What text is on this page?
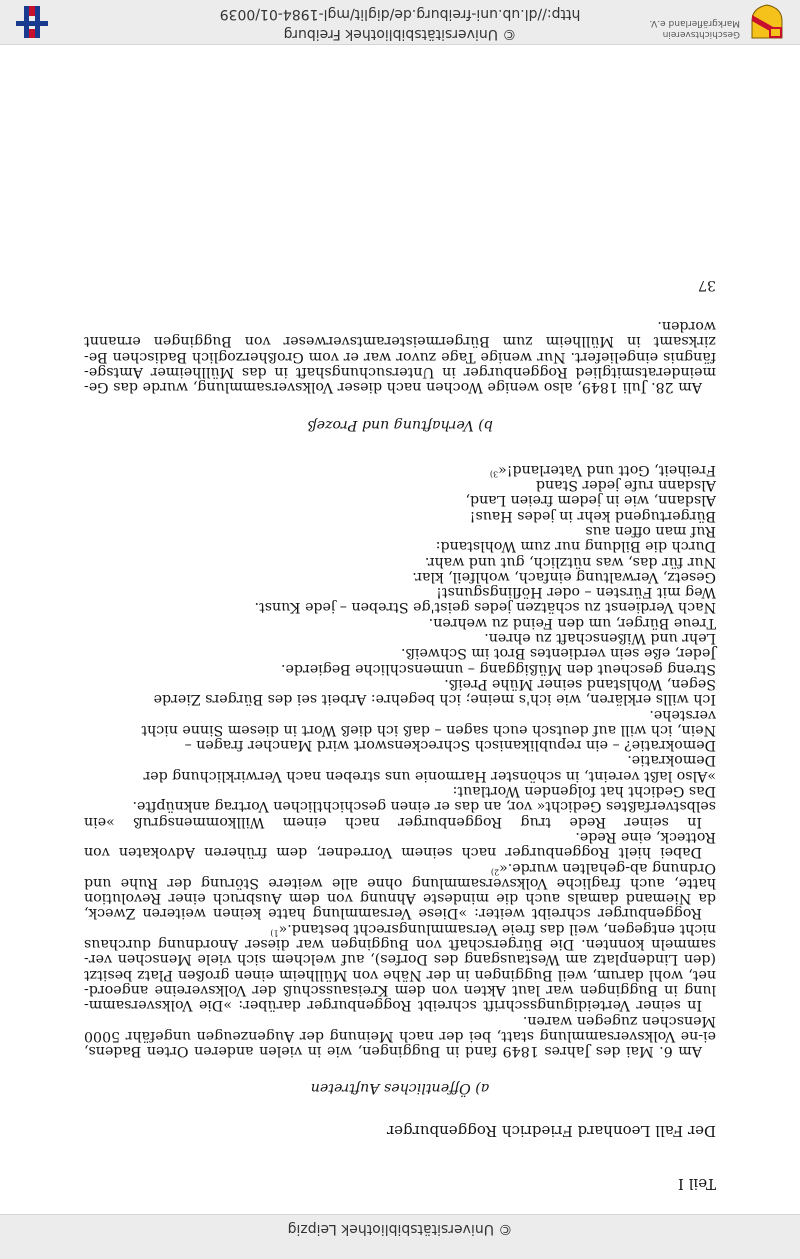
© Universitätsbibliothek Leipzig

Teil I

Der Fall Leonhard Friedrich Roggenburger

a) Öffentliches Auftreten

Am 6. Mai des Jahres 1849 fand in Buggingen, wie in vielen anderen Orten Badens, ei-ne Volksversammlung statt, bei der nach Meinung der Augenzeugen ungefähr 5000 Menschen zugegen waren.

In seiner Verteidigungsschrift schreibt Roggenburger darüber: »Die Volksversamm-lung in Buggingen war laut Akten von dem Kreisausschuß der Volksvereine angeord-net, wohl darum, weil Buggingen in der Nähe von Müllheim einen großen Platz besitzt (den Lindenplatz am Westausgang des Dorfes), auf welchem sich viele Menschen ver-sammeln konnten. Die Bürgerschaft von Buggingen war dieser Anordnung durchaus nicht entgegen, weil das freie Versammlungsrecht bestand.«$^{1)}$

Roggenburger schreibt weiter: »Diese Versammlung hatte keinen weiteren Zweck, da Niemand damals auch die mindeste Ahnung von dem Ausbruch einer Revolution hatte, auch fragliche Volksversammlung ohne alle weitere Störung der Ruhe und Ordnung ab-gehalten wurde.«$^{2)}$

Dabei hielt Roggenburger nach seinem Vorredner, dem früheren Advokaten von Rotteck, eine Rede.

In seiner Rede trug Roggenburger nach einem Willkommensgruß »ein selbstverfaßtes Gedicht« vor, an das er einen geschichtlichen Vortrag anknüpfte.

Das Gedicht hat folgenden Wortlaut:

»Also laßt vereint, in schönster Harmonie uns streben nach Verwirklichung der
Demokratie.
Demokratie? – ein republikanisch Schreckenswort wird Mancher fragen –
Nein, ich will auf deutsch euch sagen – daß ich dieß Wort in diesem Sinne nicht
verstehe.
Ich wills erklären, wie ich's meine; ich begehre: Arbeit sei des Bürgers Zierde
Segen, Wohlstand seiner Mühe Preiß.
Streng gescheut den Müßiggang – unmenschliche Begierde.
Jeder, eße sein verdientes Brot im Schweiß.
Lehr und Wißenschaft zu ehren.
Treue Bürger, um den Feind zu wehren.
Nach Verdienst zu schätzen jedes geist'ge Streben – jede Kunst.
Weg mit Fürsten – oder Höflingsgunst!
Gesetz, Verwaltung einfach, wohlfeil, klar.
Nur für das, was nützlich, gut und wahr.
Durch die Bildung nur zum Wohlstand:
Ruf man offen aus
Bürgertugend kehr in jedes Haus!
Alsdann, wie in jedem freien Land,
Alsdann rufe jeder Stand
Freiheit, Gott und Vaterland!«$^{3)}$

b) Verhaftung und Prozeß

Am 28. Juli 1849, also wenige Wochen nach dieser Volksversammlung, wurde das Ge-meinderatsmitglied Roggenburger in Untersuchungshaft in das Müllheimer Amtsge-fängnis eingeliefert. Nur wenige Tage zuvor war er vom Großherzoglich Badischen Be-zirksamt in Müllheim zum Bürgermeisteramtsverweser von Buggingen ernannt worden.

37

Geschichtsverein Markgräflerland e.V.
© Universitätsbibliothek Freiburg
http://dl.ub.uni-freiburg.de/diglit/mgl-1984-01/0039
